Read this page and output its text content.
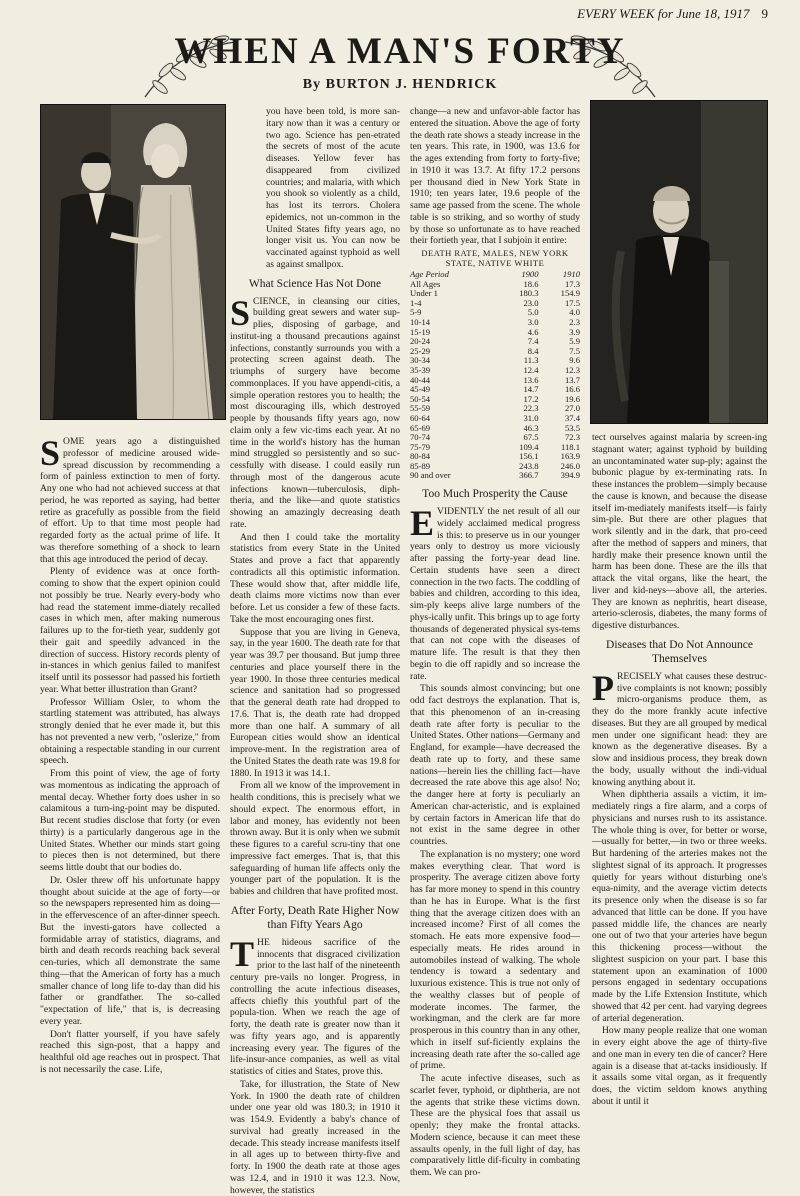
EVERY WEEK for June 18, 1917 9
WHEN A MAN'S FORTY
By BURTON J. HENDRICK

SOME years ago a distinguished professor of medicine aroused wide-spread discussion by recommending a form of painless extinction to men of forty. Any one who had not achieved success at that period, he was reported as saying, had better retire as gracefully as possible from the field of effort. Up to that time most people had regarded forty as the actual prime of life. It was therefore something of a shock to learn that this age introduced the period of decay.

Plenty of evidence was at once forth-coming to show that the expert opinion could not possibly be true. Nearly every-body who had read the statement imme-diately recalled cases in which men, after making numerous failures up to the for-tieth year, suddenly got their gait and speedily advanced in the direction of success. History records plenty of in-stances in which genius failed to manifest itself until its possessor had passed his fortieth year. What better illustration than Grant?

Professor William Osler, to whom the startling statement was attributed, has always strongly denied that he ever made it, but this has not prevented a new verb, "oslerize," from obtaining a respectable standing in our current speech.

From this point of view, the age of forty was momentous as indicating the approach of mental decay. Whether forty does usher in so calamitous a turn-ing-point may be disputed. But recent studies disclose that forty (or even thirty) is a particularly dangerous age in the United States. Whether our minds start going to pieces then is not determined, but there seems little doubt that our bodies do.

Dr. Osler threw off his unfortunate happy thought about suicide at the age of forty—or so the newspapers represented him as doing—in the effervescence of an after-dinner speech. But the investi-gators have collected a formidable array of statistics, diagrams, and birth and death records reaching back several cen-turies, which all demonstrate the same thing—that the American of forty has a much smaller chance of long life to-day than did his father or grandfather. The so-called "expectation of life," that is, is decreasing every year.

Don't flatter yourself, if you have safely reached this sign-post, that a happy and healthful old age reaches out in prospect. That is not necessarily the case. Life,

you have been told, is more san-itary now than it was a century or two ago. Science has pen-etrated the secrets of most of the acute diseases. Yellow fever has disappeared from civilized countries; and malaria, with which you shook so violently as a child, has lost its terrors. Cholera epidemics, not un-common in the United States fifty years ago, no longer visit us. You can now be vaccinated against typhoid as well as against smallpox.

What Science Has Not Done

SCIENCE, in cleansing our cities, building great sewers and water sup-plies, disposing of garbage, and institut-ing a thousand precautions against infections, constantly surrounds you with a protecting screen against death. The triumphs of surgery have become commonplaces. If you have appendi-citis, a simple operation restores you to health; the most discouraging ills, which destroyed people by thousands fifty years ago, now claim only a few vic-tims each year. At no time in the world's history has the human mind struggled so persistently and so suc-cessfully with disease. I could easily run through most of the dangerous acute infections known—tuberculosis, diph-theria, and the like—and quote statistics showing an amazingly decreasing death rate.

And then I could take the mortality statistics from every State in the United States and prove a fact that apparently contradicts all this optimistic information. These would show that, after middle life, death claims more victims now than ever before. Let us consider a few of these facts. Take the most encouraging ones first.

Suppose that you are living in Geneva, say, in the year 1600. The death rate for that year was 39.7 per thousand. But jump three centuries and place yourself there in the year 1900. In those three centuries medical science and sanitation had so progressed that the general death rate had dropped to 17.6. That is, the death rate had dropped more than one half. A summary of all European cities would show an identical improve-ment. In the registration area of the United States the death rate was 19.8 for 1880. In 1913 it was 14.1.

From all we know of the improvement in health conditions, this is precisely what we should expect. The enormous effort, in labor and money, has evidently not been thrown away. But it is only when we submit these figures to a careful scru-tiny that one impressive fact emerges. That is, that this safeguarding of human life affects only the younger part of the population. It is the babies and children that have profited most.

After Forty, Death Rate Higher Now than Fifty Years Ago

THE hideous sacrifice of the innocents that disgraced civilization prior to the last half of the nineteenth century pre-vails no longer. Progress, in controlling the acute infectious diseases, affects chiefly this youthful part of the popula-tion. When we reach the age of forty, the death rate is greater now than it was fifty years ago, and is apparently increasing every year. The figures of the life-insur-ance companies, as well as vital statistics of cities and States, prove this.

Take, for illustration, the State of New York. In 1900 the death rate of children under one year old was 180.3; in 1910 it was 154.9. Evidently a baby's chance of survival had greatly increased in the decade. This steady increase manifests itself in all ages up to between thirty-five and forty. In 1900 the death rate at those ages was 12.4, and in 1910 it was 12.3. Now, however, the statistics

change—a new and unfavor-able factor has entered the situation. Above the age of forty the death rate shows a steady increase in the ten years. This rate, in 1900, was 13.6 for the ages extending from forty to forty-five; in 1910 it was 13.7. At fifty 17.2 persons per thousand died in New York State in 1910; ten years later, 19.6 people of the same age passed from the scene. The whole table is so striking, and so worthy of study by those so unfortunate as to have reached their fortieth year, that I subjoin it entire:

DEATH RATE, MALES, NEW YORK
STATE, NATIVE WHITE
Age Period	1900	1910
All Ages	18.6	17.3
Under 1	180.3	154.9
1-4	23.0	17.5
5-9	5.0	4.0
10-14	3.0	2.3
15-19	4.6	3.9
20-24	7.4	5.9
25-29	8.4	7.5
30-34	11.3	9.6
35-39	12.4	12.3
40-44	13.6	13.7
45-49	14.7	16.6
50-54	17.2	19.6
55-59	22.3	27.0
60-64	31.0	37.4
65-69	46.3	53.5
70-74	67.5	72.3
75-79	109.4	118.1
80-84	156.1	163.9
85-89	243.8	246.0
90 and over	366.7	394.9
Too Much Prosperity the Cause

EVIDENTLY the net result of all our widely acclaimed medical progress is this: to preserve us in our younger years only to destroy us more viciously after passing the forty-year dead line. Certain students have seen a direct connection in the two facts. The coddling of babies and children, according to this idea, sim-ply keeps alive large numbers of the phys-ically unfit. This brings up to age forty thousands of degenerated physical sys-tems that can not cope with the diseases of mature life. The result is that they then begin to die off rapidly and so increase the rate.

This sounds almost convincing; but one odd fact destroys the explanation. That is, that this phenomenon of an in-creasing death rate after forty is peculiar to the United States. Other nations—Germany and England, for example—have decreased the death rate up to forty, and these same nations—herein lies the chilling fact—have decreased the rate above this age also! No; the danger here at forty is peculiarly an American char-acteristic, and is explained by certain factors in American life that do not exist in the same degree in other countries.

The explanation is no mystery; one word makes everything clear. That word is prosperity. The average citizen above forty has far more money to spend in this country than he has in Europe. What is the first thing that the average citizen does with an increased income? First of all comes the stomach. He eats more expensive food—especially meats. He rides around in automobiles instead of walking. The whole tendency is toward a sedentary and luxurious existence. This is true not only of the wealthy classes but of people of moderate incomes. The farmer, the workingman, and the clerk are far more prosperous in this country than in any other, which in itself suf-ficiently explains the increasing death rate after the so-called age of prime.

The acute infective diseases, such as scarlet fever, typhoid, or diphtheria, are not the agents that strike these victims down. These are the physical foes that assail us openly; they make the frontal attacks. Modern science, because it can meet these assaults openly, in the full light of day, has comparatively little dif-ficulty in combating them. We can pro-

tect ourselves against malaria by screen-ing stagnant water; against typhoid by building an uncontaminated water sup-ply; against the bubonic plague by ex-terminating rats. In these instances the problem—simply because the cause is known, and because the disease itself im-mediately manifests itself—is fairly sim-ple. But there are other plagues that work silently and in the dark, that pro-ceed after the method of sappers and miners, that hardly make their presence known until the harm has been done. These are the ills that attack the vital organs, like the heart, the liver and kid-neys—above all, the arteries. They are known as nephritis, heart disease, arterio-sclerosis, diabetes, the many forms of digestive disturbances.

Diseases that Do Not Announce Themselves

PRECISELY what causes these destruc-tive complaints is not known; possibly micro-organisms produce them, as they do the more frankly acute infective diseases. But they are all grouped by medical men under one significant head: they are known as the degenerative diseases. By a slow and insidious process, they break down the body, usually without the indi-vidual knowing anything about it.

When diphtheria assails a victim, it im-mediately rings a fire alarm, and a corps of physicians and nurses rush to its assistance. The whole thing is over, for better or worse,—usually for better,—in two or three weeks. But hardening of the arteries makes not the slightest signal of its approach. It progresses quietly for years without disturbing one's equa-nimity, and the average victim detects its presence only when the disease is so far advanced that little can be done. If you have passed middle life, the chances are nearly one out of two that your arteries have begun this thickening process—without the slightest suspicion on your part. I base this statement upon an examination of 1000 persons engaged in sedentary occupations made by the Life Extension Institute, which showed that 42 per cent. had varying degrees of arterial degeneration.

How many people realize that one woman in every eight above the age of thirty-five and one man in every ten die of cancer? Here again is a disease that at-tacks insidiously. If it assails some vital organ, as it frequently does, the victim seldom knows anything about it until it
